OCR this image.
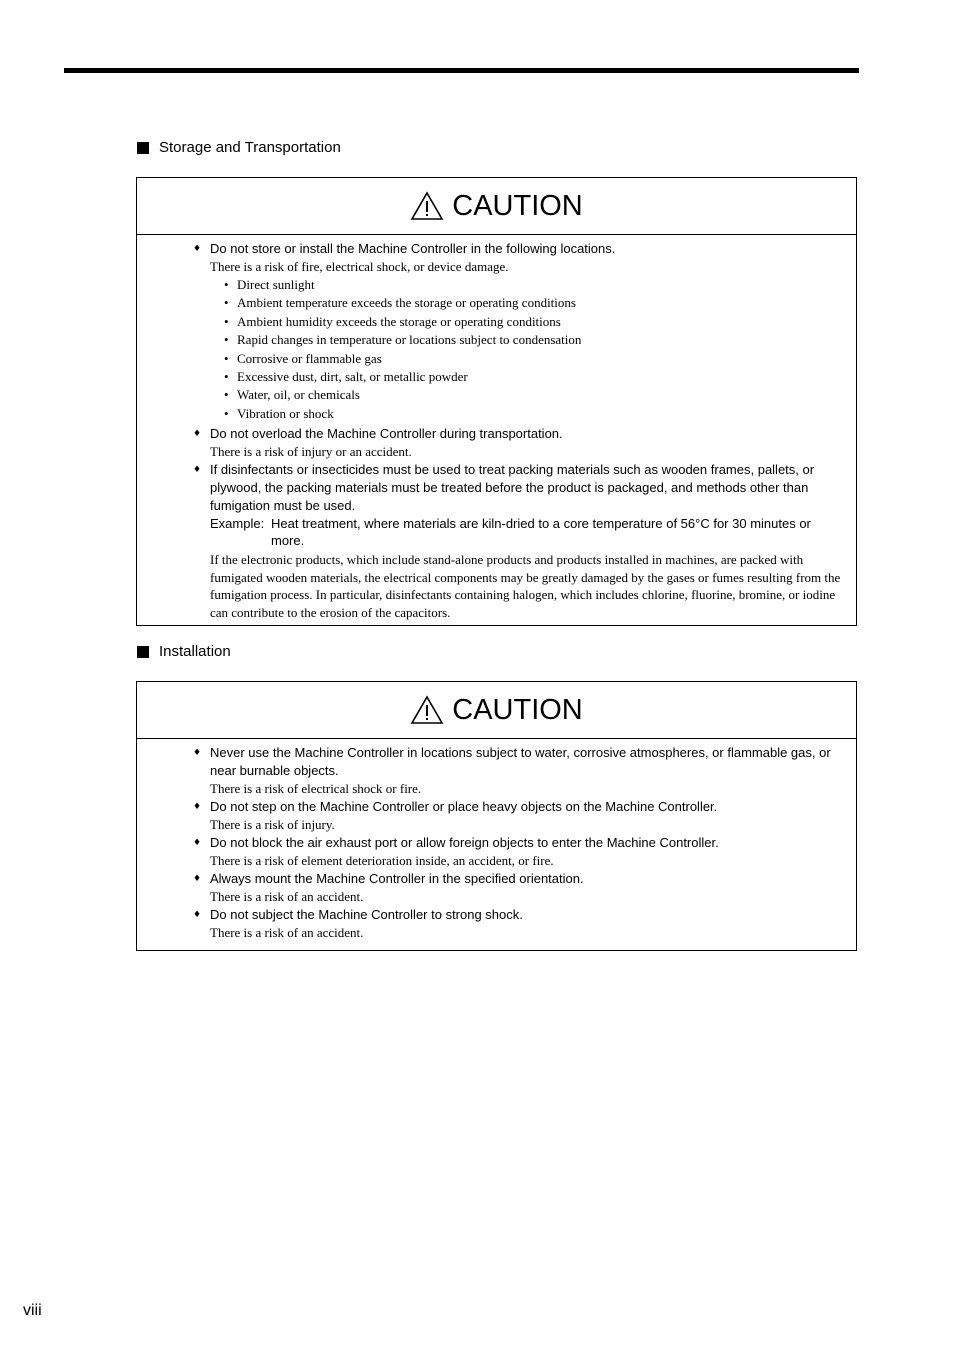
Storage and Transportation
CAUTION
♦ Do not store or install the Machine Controller in the following locations.
There is a risk of fire, electrical shock, or device damage.
• Direct sunlight
• Ambient temperature exceeds the storage or operating conditions
• Ambient humidity exceeds the storage or operating conditions
• Rapid changes in temperature or locations subject to condensation
• Corrosive or flammable gas
• Excessive dust, dirt, salt, or metallic powder
• Water, oil, or chemicals
• Vibration or shock
♦ Do not overload the Machine Controller during transportation.
There is a risk of injury or an accident.
♦ If disinfectants or insecticides must be used to treat packing materials such as wooden frames, pallets, or plywood, the packing materials must be treated before the product is packaged, and methods other than fumigation must be used.
Example: Heat treatment, where materials are kiln-dried to a core temperature of 56°C for 30 minutes or more.
If the electronic products, which include stand-alone products and products installed in machines, are packed with fumigated wooden materials, the electrical components may be greatly damaged by the gases or fumes resulting from the fumigation process. In particular, disinfectants containing halogen, which includes chlorine, fluorine, bromine, or iodine can contribute to the erosion of the capacitors.
Installation
CAUTION
♦ Never use the Machine Controller in locations subject to water, corrosive atmospheres, or flammable gas, or near burnable objects.
There is a risk of electrical shock or fire.
♦ Do not step on the Machine Controller or place heavy objects on the Machine Controller.
There is a risk of injury.
♦ Do not block the air exhaust port or allow foreign objects to enter the Machine Controller.
There is a risk of element deterioration inside, an accident, or fire.
♦ Always mount the Machine Controller in the specified orientation.
There is a risk of an accident.
♦ Do not subject the Machine Controller to strong shock.
There is a risk of an accident.
viii
